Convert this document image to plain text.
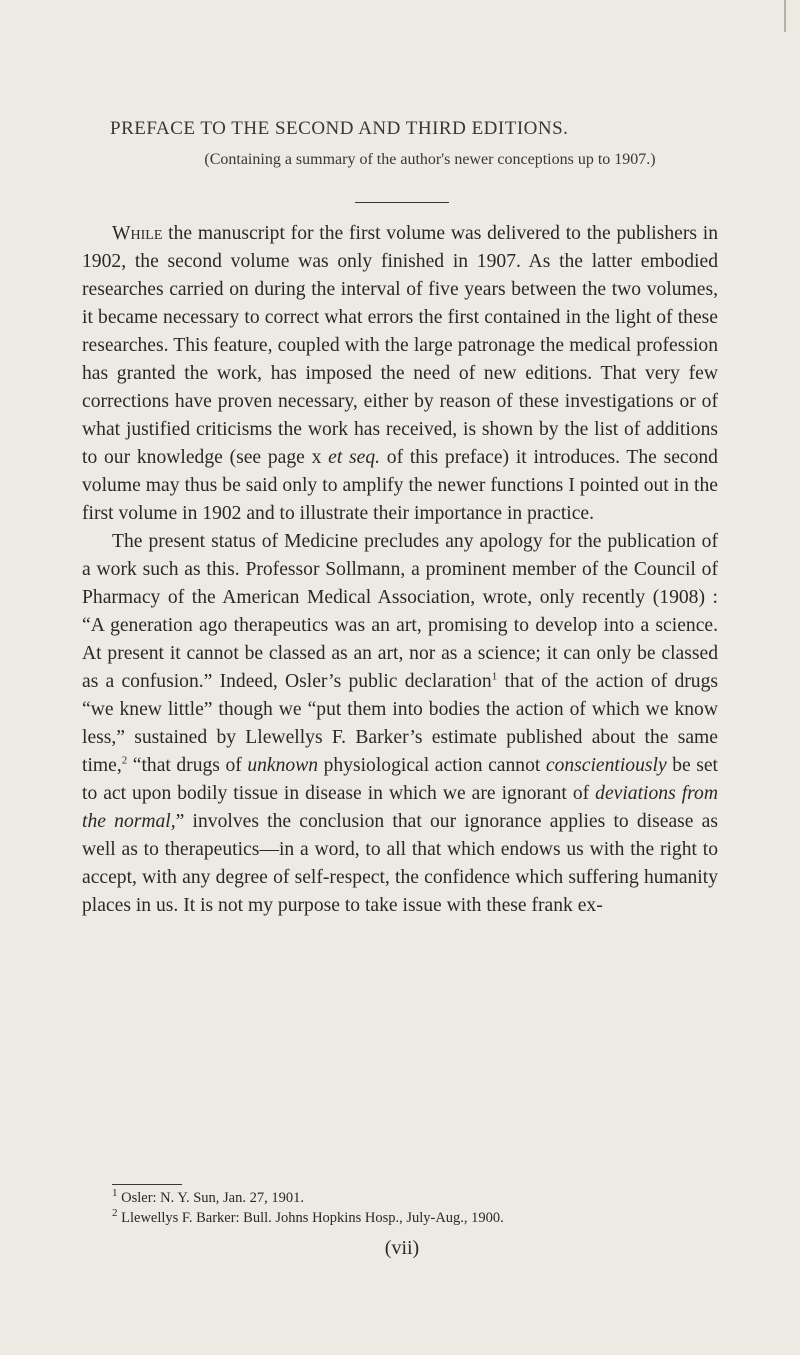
PREFACE TO THE SECOND AND THIRD EDITIONS.
(Containing a summary of the author's newer conceptions up to 1907.)

While the manuscript for the first volume was delivered to the publishers in 1902, the second volume was only finished in 1907. As the latter embodied researches carried on during the interval of five years between the two volumes, it became necessary to correct what errors the first contained in the light of these researches. This feature, coupled with the large patronage the medical profession has granted the work, has imposed the need of new editions. That very few corrections have proven necessary, either by reason of these investigations or of what justified criticisms the work has received, is shown by the list of additions to our knowledge (see page x et seq. of this preface) it introduces. The second volume may thus be said only to amplify the newer functions I pointed out in the first volume in 1902 and to illustrate their importance in practice.

The present status of Medicine precludes any apology for the publication of a work such as this. Professor Sollmann, a prominent member of the Council of Pharmacy of the American Medical Association, wrote, only recently (1908) : “A generation ago therapeutics was an art, promising to develop into a science. At present it cannot be classed as an art, nor as a science; it can only be classed as a confusion.” Indeed, Osler’s public declaration$^1$ that of the action of drugs “we knew little” though we “put them into bodies the action of which we know less,” sustained by Llewellys F. Barker’s estimate published about the same time,$^2$ “that drugs of unknown physiological action cannot conscientiously be set to act upon bodily tissue in disease in which we are ignorant of deviations from the normal,” involves the conclusion that our ignorance applies to disease as well as to therapeutics—in a word, to all that which endows us with the right to accept, with any degree of self-respect, the confidence which suffering humanity places in us. It is not my purpose to take issue with these frank ex-

$^1$ Osler: N. Y. Sun, Jan. 27, 1901.
$^2$ Llewellys F. Barker: Bull. Johns Hopkins Hosp., July-Aug., 1900.
(vii)
